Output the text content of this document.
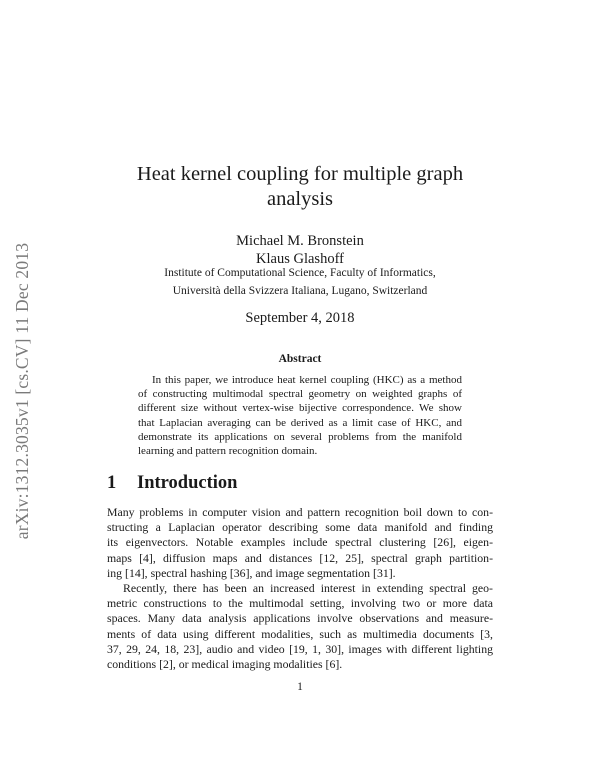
arXiv:1312.3035v1 [cs.CV] 11 Dec 2013
Heat kernel coupling for multiple graph
analysis
Michael M. Bronstein
Klaus Glashoff
Institute of Computational Science, Faculty of Informatics,
Università della Svizzera Italiana, Lugano, Switzerland
September 4, 2018
Abstract
In this paper, we introduce heat kernel coupling (HKC) as a method
of constructing multimodal spectral geometry on weighted graphs of
different size without vertex-wise bijective correspondence. We show
that Laplacian averaging can be derived as a limit case of HKC, and
demonstrate its applications on several problems from the manifold
learning and pattern recognition domain.
1 Introduction
Many problems in computer vision and pattern recognition boil down to con-
structing a Laplacian operator describing some data manifold and finding
its eigenvectors. Notable examples include spectral clustering [26], eigen-
maps [4], diffusion maps and distances [12, 25], spectral graph partition-
ing [14], spectral hashing [36], and image segmentation [31].
Recently, there has been an increased interest in extending spectral geo-
metric constructions to the multimodal setting, involving two or more data
spaces. Many data analysis applications involve observations and measure-
ments of data using different modalities, such as multimedia documents [3,
37, 29, 24, 18, 23], audio and video [19, 1, 30], images with different lighting
conditions [2], or medical imaging modalities [6].
1
